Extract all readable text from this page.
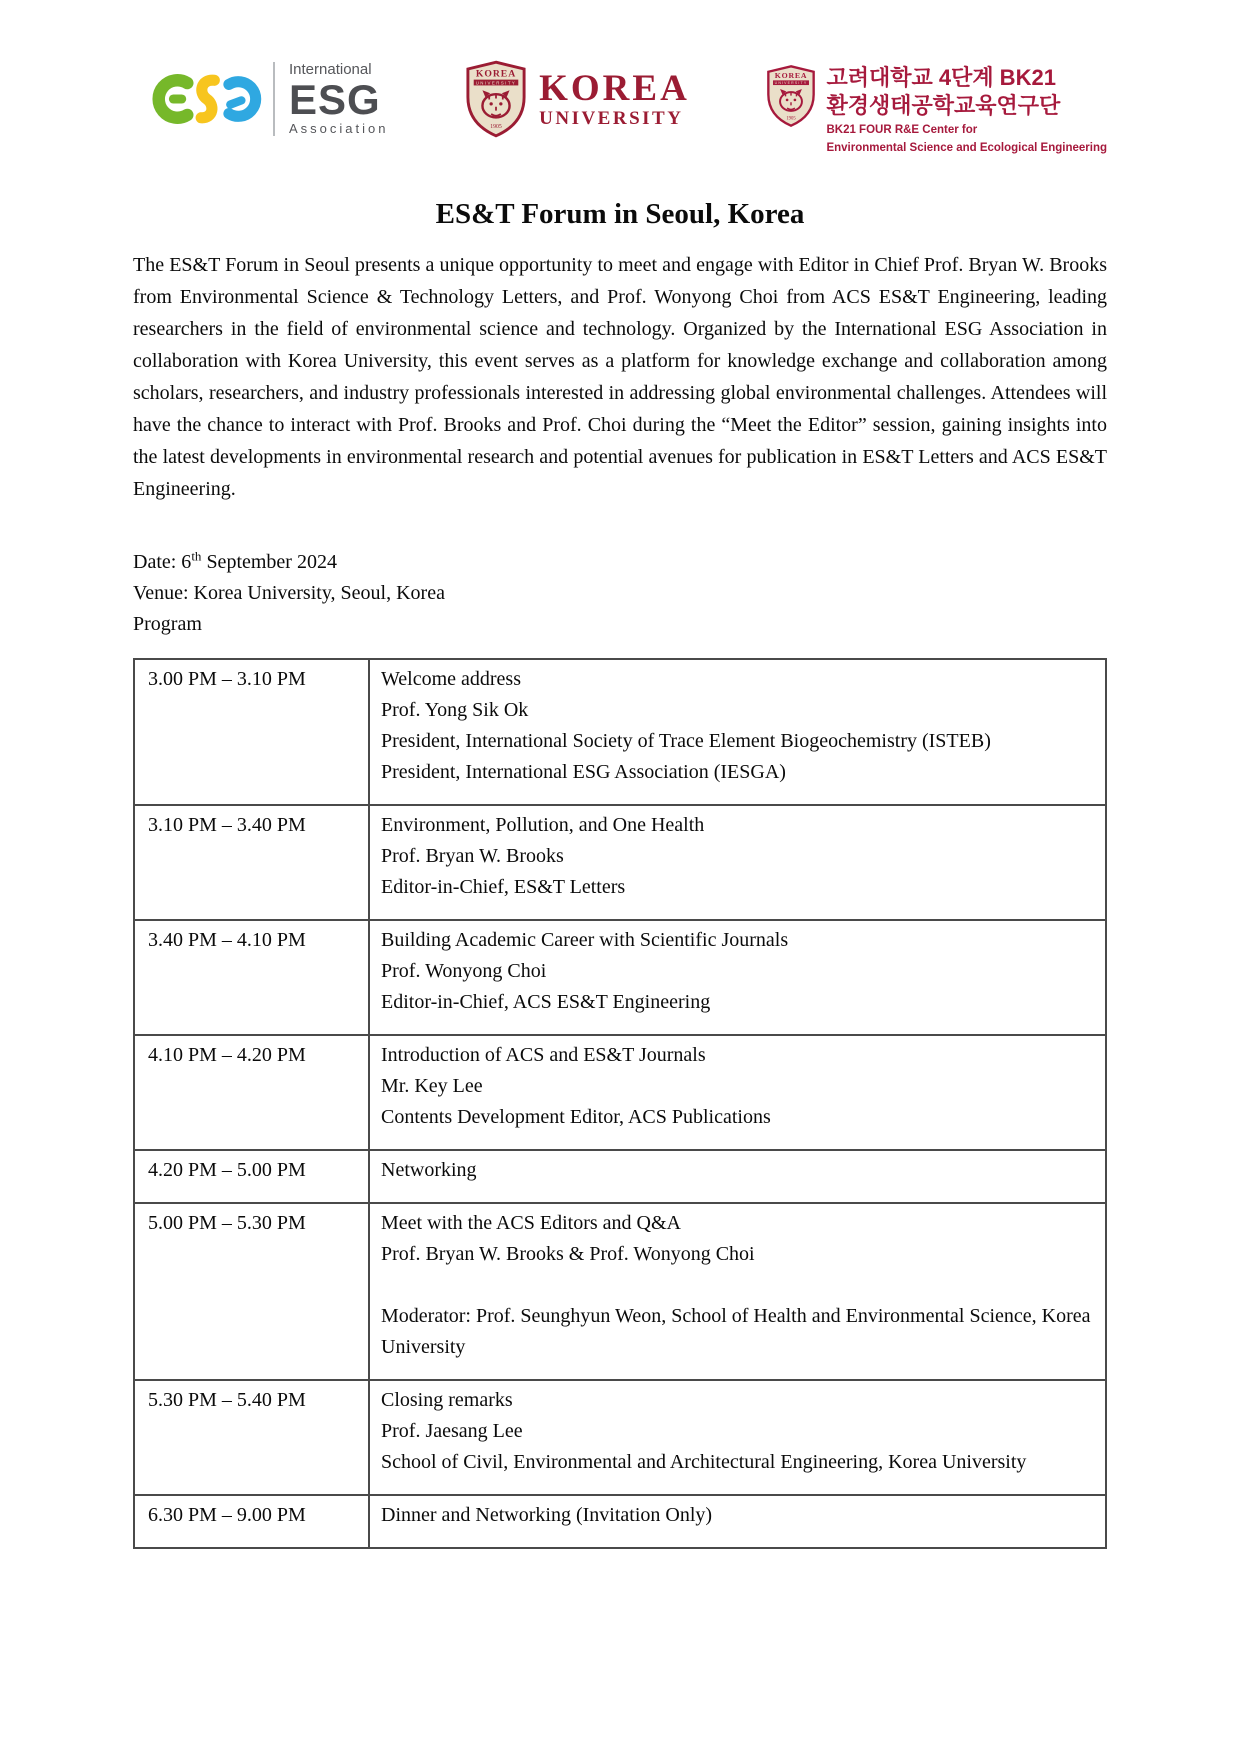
International
ESG
Association
KOREA
UNIVERSITY
1905
KOREA
UNIVERSITY
KOREA
UNIVERSITY
1905
고려대학교 4단계 BK21
환경생태공학교육연구단
BK21 FOUR R&E Center for
Environmental Science and Ecological Engineering
ES&T Forum in Seoul, Korea

The ES&T Forum in Seoul presents a unique opportunity to meet and engage with Editor in Chief Prof. Bryan W. Brooks from Environmental Science & Technology Letters, and Prof. Wonyong Choi from ACS ES&T Engineering, leading researchers in the field of environmental science and technology. Organized by the International ESG Association in collaboration with Korea University, this event serves as a platform for knowledge exchange and collaboration among scholars, researchers, and industry professionals interested in addressing global environmental challenges. Attendees will have the chance to interact with Prof. Brooks and Prof. Choi during the “Meet the Editor” session, gaining insights into the latest developments in environmental research and potential avenues for publication in ES&T Letters and ACS ES&T Engineering.

Date: 6th September 2024
Venue: Korea University, Seoul, Korea
Program
3.00 PM – 3.10 PM	Welcome address
Prof. Yong Sik Ok
President, International Society of Trace Element Biogeochemistry (ISTEB)
President, International ESG Association (IESGA)

3.10 PM – 3.40 PM	Environment, Pollution, and One Health
Prof. Bryan W. Brooks
Editor-in-Chief, ES&T Letters

3.40 PM – 4.10 PM	Building Academic Career with Scientific Journals
Prof. Wonyong Choi
Editor-in-Chief, ACS ES&T Engineering

4.10 PM – 4.20 PM	Introduction of ACS and ES&T Journals
Mr. Key Lee
Contents Development Editor, ACS Publications

4.20 PM – 5.00 PM	Networking

5.00 PM – 5.30 PM	Meet with the ACS Editors and Q&A
Prof. Bryan W. Brooks & Prof. Wonyong Choi
Moderator: Prof. Seunghyun Weon, School of Health and Environmental Science, Korea University

5.30 PM – 5.40 PM	Closing remarks
Prof. Jaesang Lee
School of Civil, Environmental and Architectural Engineering, Korea University

6.30 PM – 9.00 PM	Dinner and Networking (Invitation Only)
